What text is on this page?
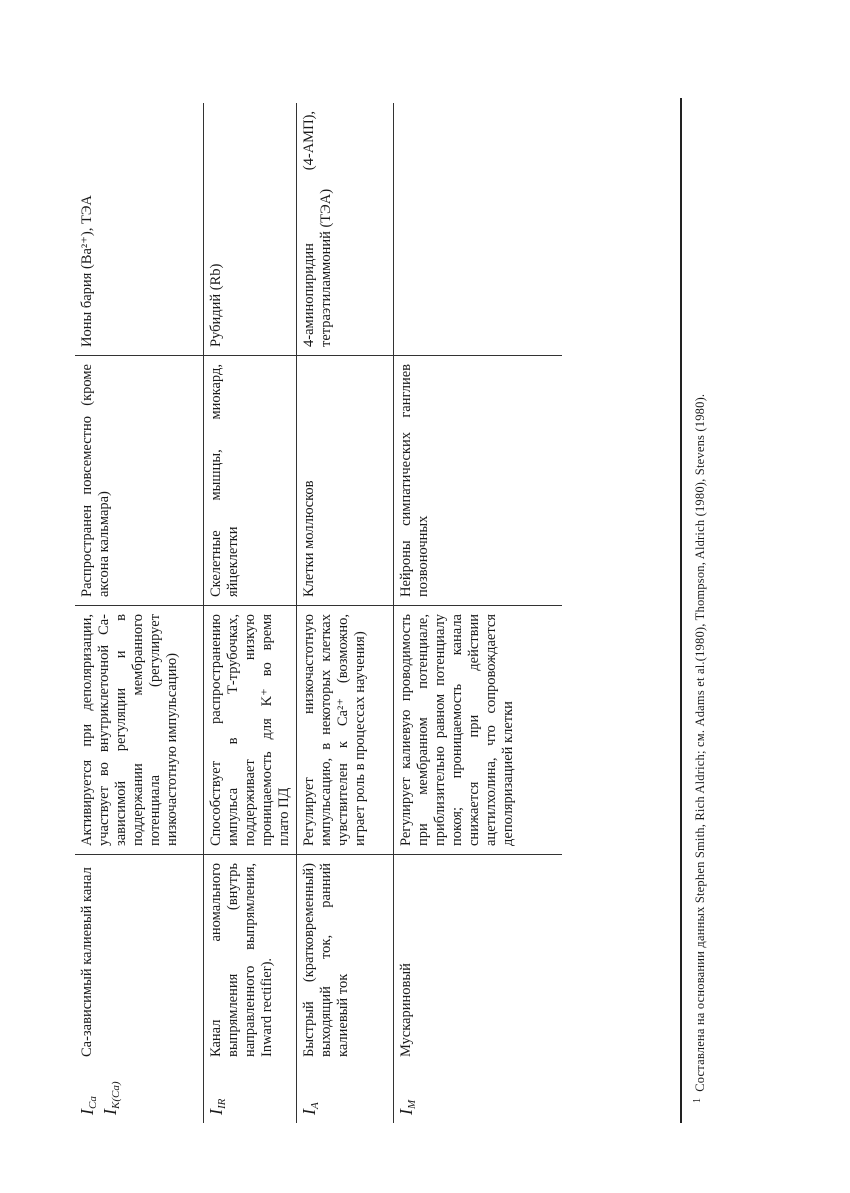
ICa
IK(Ca)
Ca-зависимый калиевый канал
Активируется при деполяризации, участвует во внутриклеточной Са-зависимой регуляции и в поддержании мембранного потенциала (регулирует низкочастотную импульсацию)
Распространен повсеместно (кроме аксона кальмара)
Ионы бария (Ba²⁺), ТЭА
IIR
Канал аномального выпрямления (внутрь направленного выпрямления, Inward rectifier).
Способствует распространению импульса в Т-трубочках, поддерживает низкую проницаемость для K⁺ во время плато ПД
Скелетные мышцы, миокард, яйцеклетки
Рубидий (Rb)
IA
Быстрый (кратковременный) выходящий ток, ранний калиевый ток
Регулирует низкочастотную импульсацию, в некоторых клетках чувствителен к Ca²⁺ (возможно, играет роль в процессах научения)
Клетки моллюсков
4-аминопиридин (4-АМП), тетраэтиламмоний (ТЭА)
IM
Мускариновый
Регулирует калиевую проводимость при мембранном потенциале, приблизительно равном потенциалу покоя; проницаемость канала снижается при действии ацетилхолина, что сопровождается деполяризацией клетки
Нейроны симпатических ганглиев позвоночных
$^1$Составлена на основании данных Stephen Smith, Rich Aldrich; см. Adams et al.(1980), Thompson, Aldrich (1980), Stevens (1980).
